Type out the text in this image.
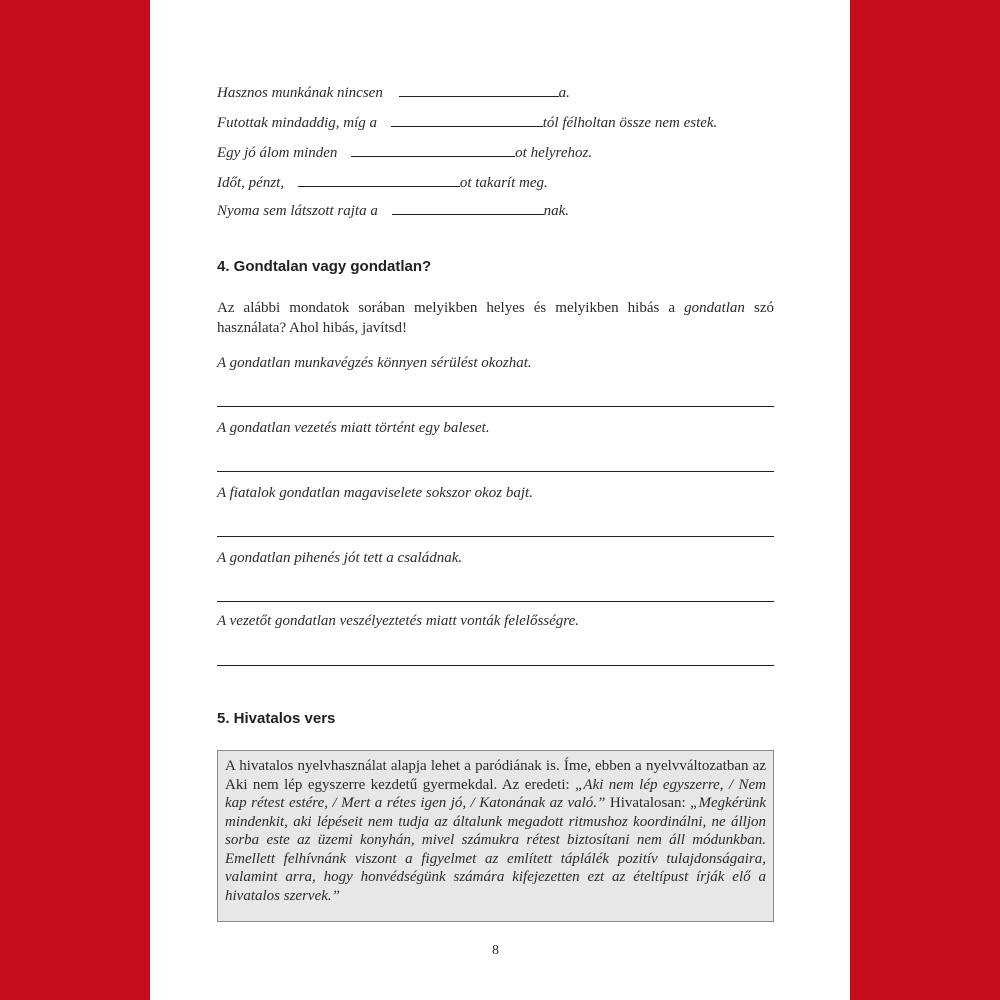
Hasznos munkának nincsen	a.
Futottak mindaddig, míg a	tól félholtan össze nem estek.
Egy jó álom minden	ot helyrehoz.
Időt, pénzt,	ot takarít meg.
Nyoma sem látszott rajta a	nak.
4. Gondtalan vagy gondatlan?
Az alábbi mondatok sorában melyikben helyes és melyikben hibás a gondatlan szó használata? Ahol hibás, javítsd!
A gondatlan munkavégzés könnyen sérülést okozhat.
A gondatlan vezetés miatt történt egy baleset.
A fiatalok gondatlan magaviselete sokszor okoz bajt.
A gondatlan pihenés jót tett a családnak.
A vezetőt gondatlan veszélyeztetés miatt vonták felelősségre.
5. Hivatalos vers
A hivatalos nyelvhasználat alapja lehet a paródiának is. Íme, ebben a nyelvváltozatban az Aki nem lép egyszerre kezdetű gyermekdal. Az eredeti: „Aki nem lép egyszerre, / Nem kap rétest estére, / Mert a rétes igen jó, / Katonának az való.” Hivatalosan: „Megkérünk mindenkit, aki lépéseit nem tudja az általunk megadott ritmushoz koordinálni, ne álljon sorba este az üzemi konyhán, mivel számukra rétest biztosítani nem áll módunkban. Emellett felhívnánk viszont a figyelmet az említett táplálék pozitív tulajdonságaira, valamint arra, hogy honvédségünk számára kifejezetten ezt az ételtípust írják elő a hivatalos szervek.”
8
